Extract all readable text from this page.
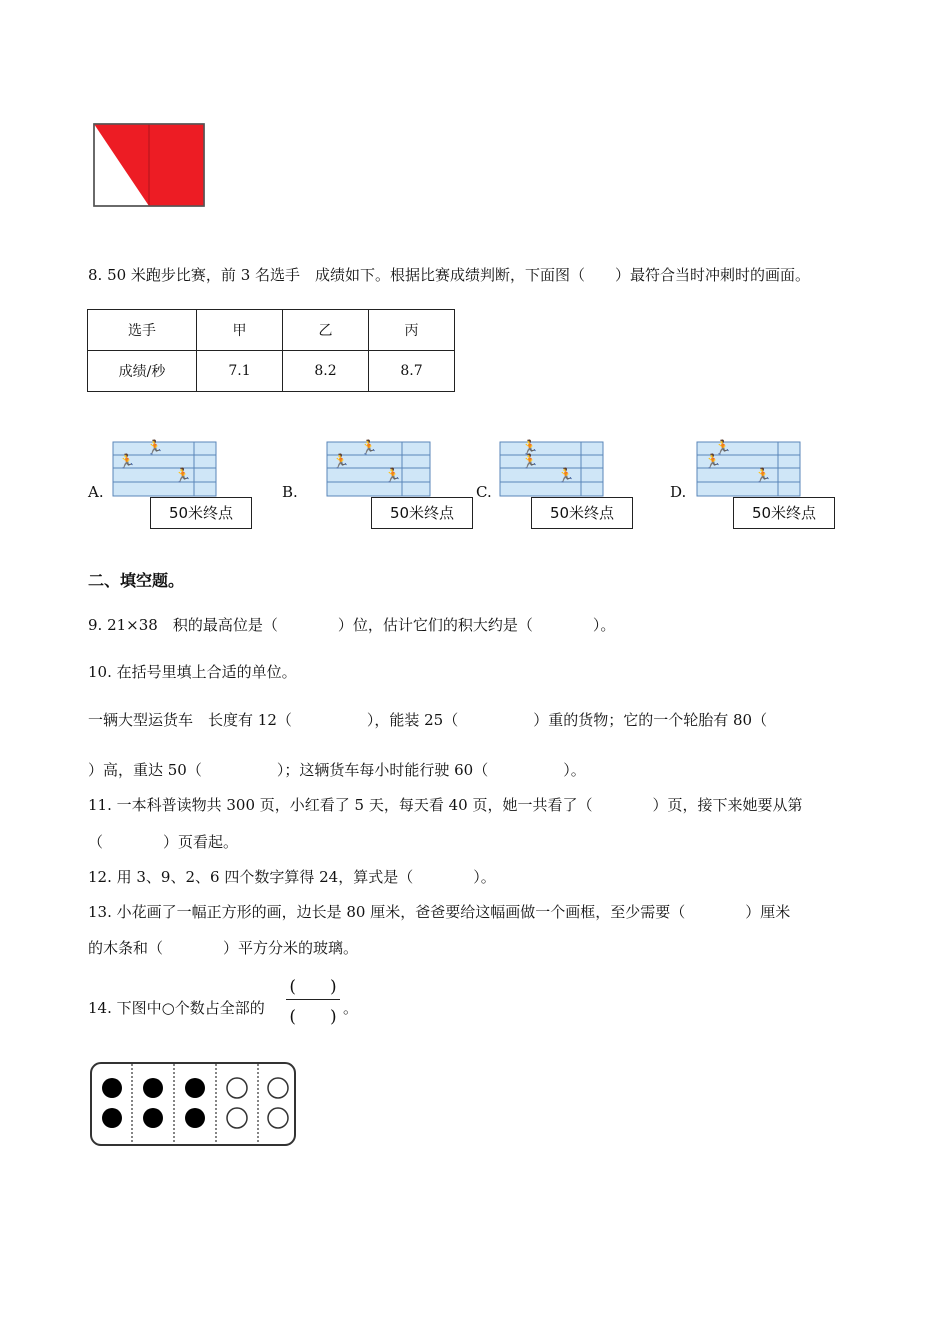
8. 50 米跑步比赛，前 3 名选手　成绩如下。根据比赛成绩判断，下面图（　　）最符合当时冲刺时的画面。
选手	甲	乙	丙
成绩/秒	7.1	8.2	8.7
A.
🏃
🏃
🏃
50米终点
B.
🏃
🏃
🏃
50米终点
C.
🏃
🏃
🏃
50米终点
D.
🏃
🏃
🏃
50米终点
二、填空题。
9. 21×38　积的最高位是（　　　　）位，估计它们的积大约是（　　　　）。
10. 在括号里填上合适的单位。
一辆大型运货车　长度有 12（　　　　　），能装 25（　　　　　）重的货物；它的一个轮胎有 80（
）高，重达 50（　　　　　）；这辆货车每小时能行驶 60（　　　　　）。
11. 一本科普读物共 300 页，小红看了 5 天，每天看 40 页，她一共看了（　　　　）页，接下来她要从第
（　　　　）页看起。
12. 用 3、9、2、6 四个数字算得 24，算式是（　　　　）。
13. 小花画了一幅正方形的画，边长是 80 厘米，爸爸要给这幅画做一个画框，至少需要（　　　　）厘米
的木条和（　　　　）平方分米的玻璃。
14. 下图中○个数占全部的
(　　)
(　　) 。
